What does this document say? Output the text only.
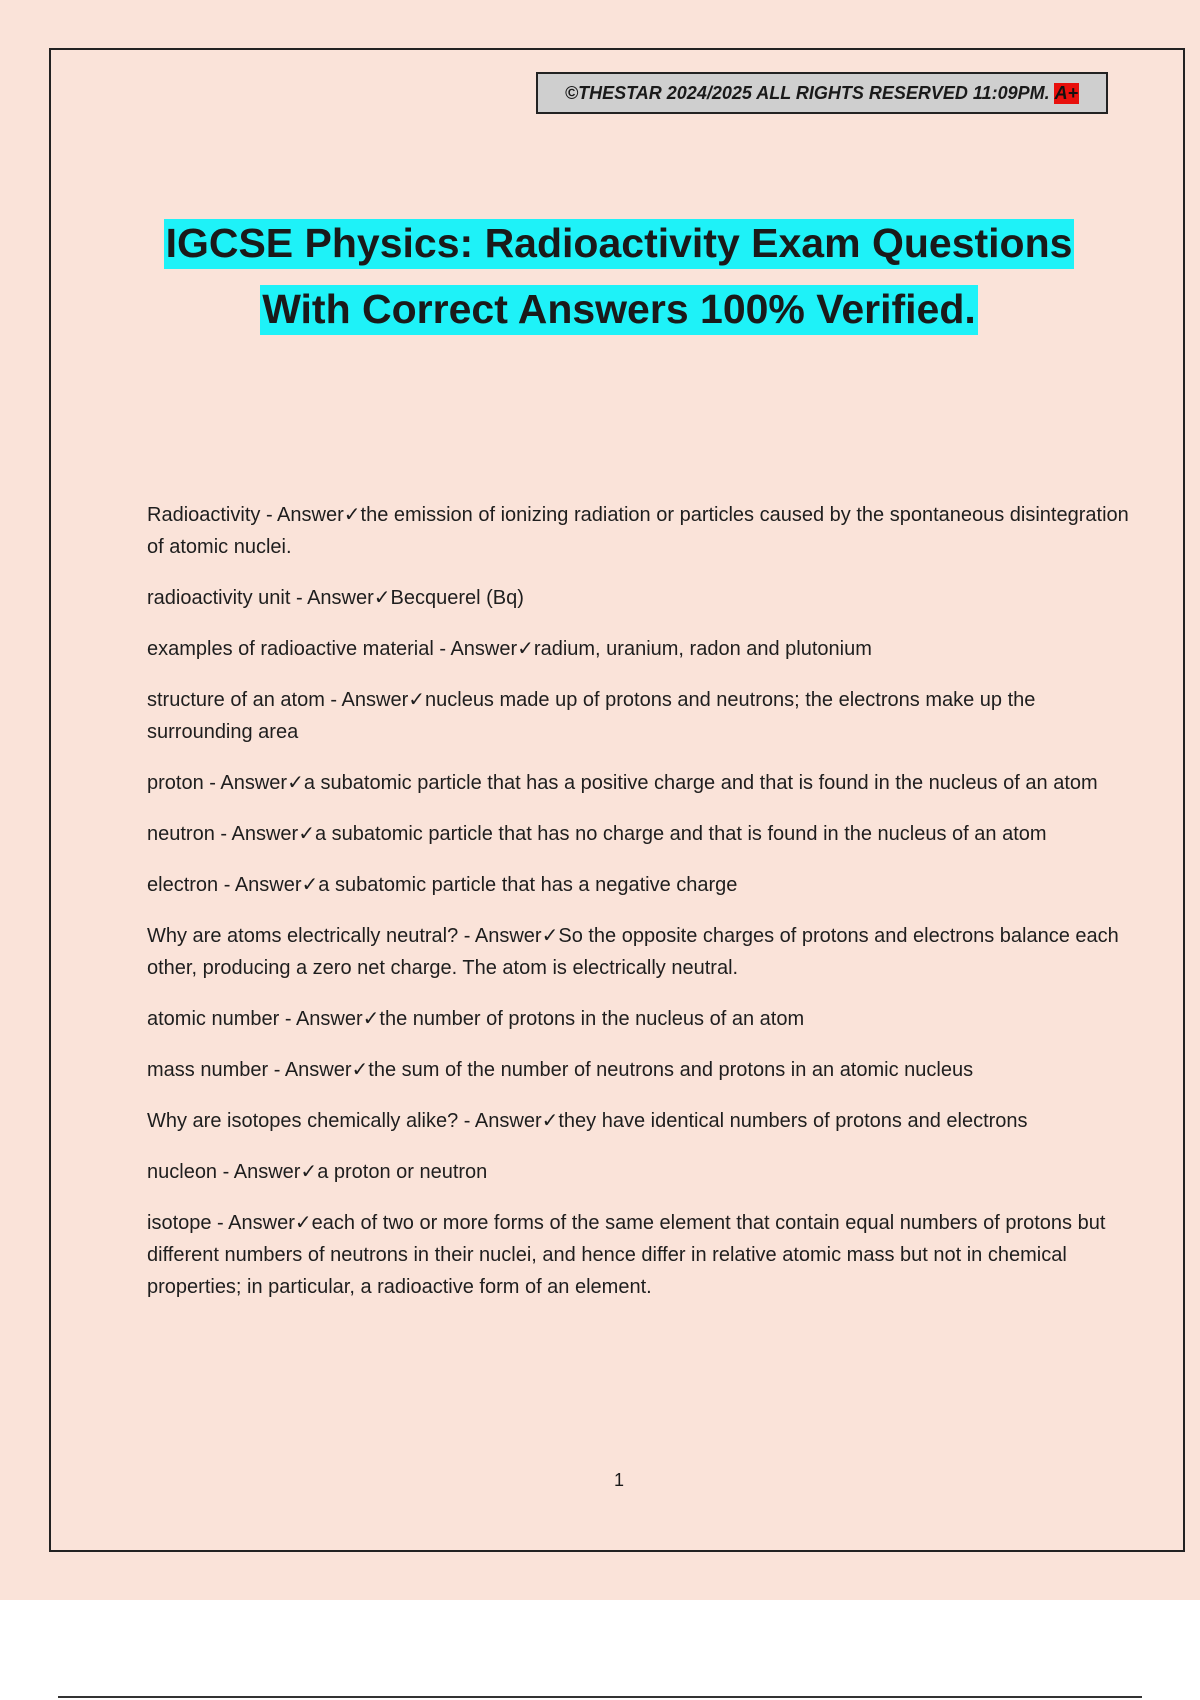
©THESTAR 2024/2025 ALL RIGHTS RESERVED 11:09PM. A+
IGCSE Physics: Radioactivity Exam Questions
With Correct Answers 100% Verified.

Radioactivity - Answer✓the emission of ionizing radiation or particles caused by the spontaneous disintegration of atomic nuclei.

radioactivity unit - Answer✓Becquerel (Bq)

examples of radioactive material - Answer✓radium, uranium, radon and plutonium

structure of an atom - Answer✓nucleus made up of protons and neutrons; the electrons make up the surrounding area

proton - Answer✓a subatomic particle that has a positive charge and that is found in the nucleus of an atom

neutron - Answer✓a subatomic particle that has no charge and that is found in the nucleus of an atom

electron - Answer✓a subatomic particle that has a negative charge

Why are atoms electrically neutral? - Answer✓So the opposite charges of protons and electrons balance each other, producing a zero net charge. The atom is electrically neutral.

atomic number - Answer✓the number of protons in the nucleus of an atom

mass number - Answer✓the sum of the number of neutrons and protons in an atomic nucleus

Why are isotopes chemically alike? - Answer✓they have identical numbers of protons and electrons

nucleon - Answer✓a proton or neutron

isotope - Answer✓each of two or more forms of the same element that contain equal numbers of protons but different numbers of neutrons in their nuclei, and hence differ in relative atomic mass but not in chemical properties; in particular, a radioactive form of an element.

1
